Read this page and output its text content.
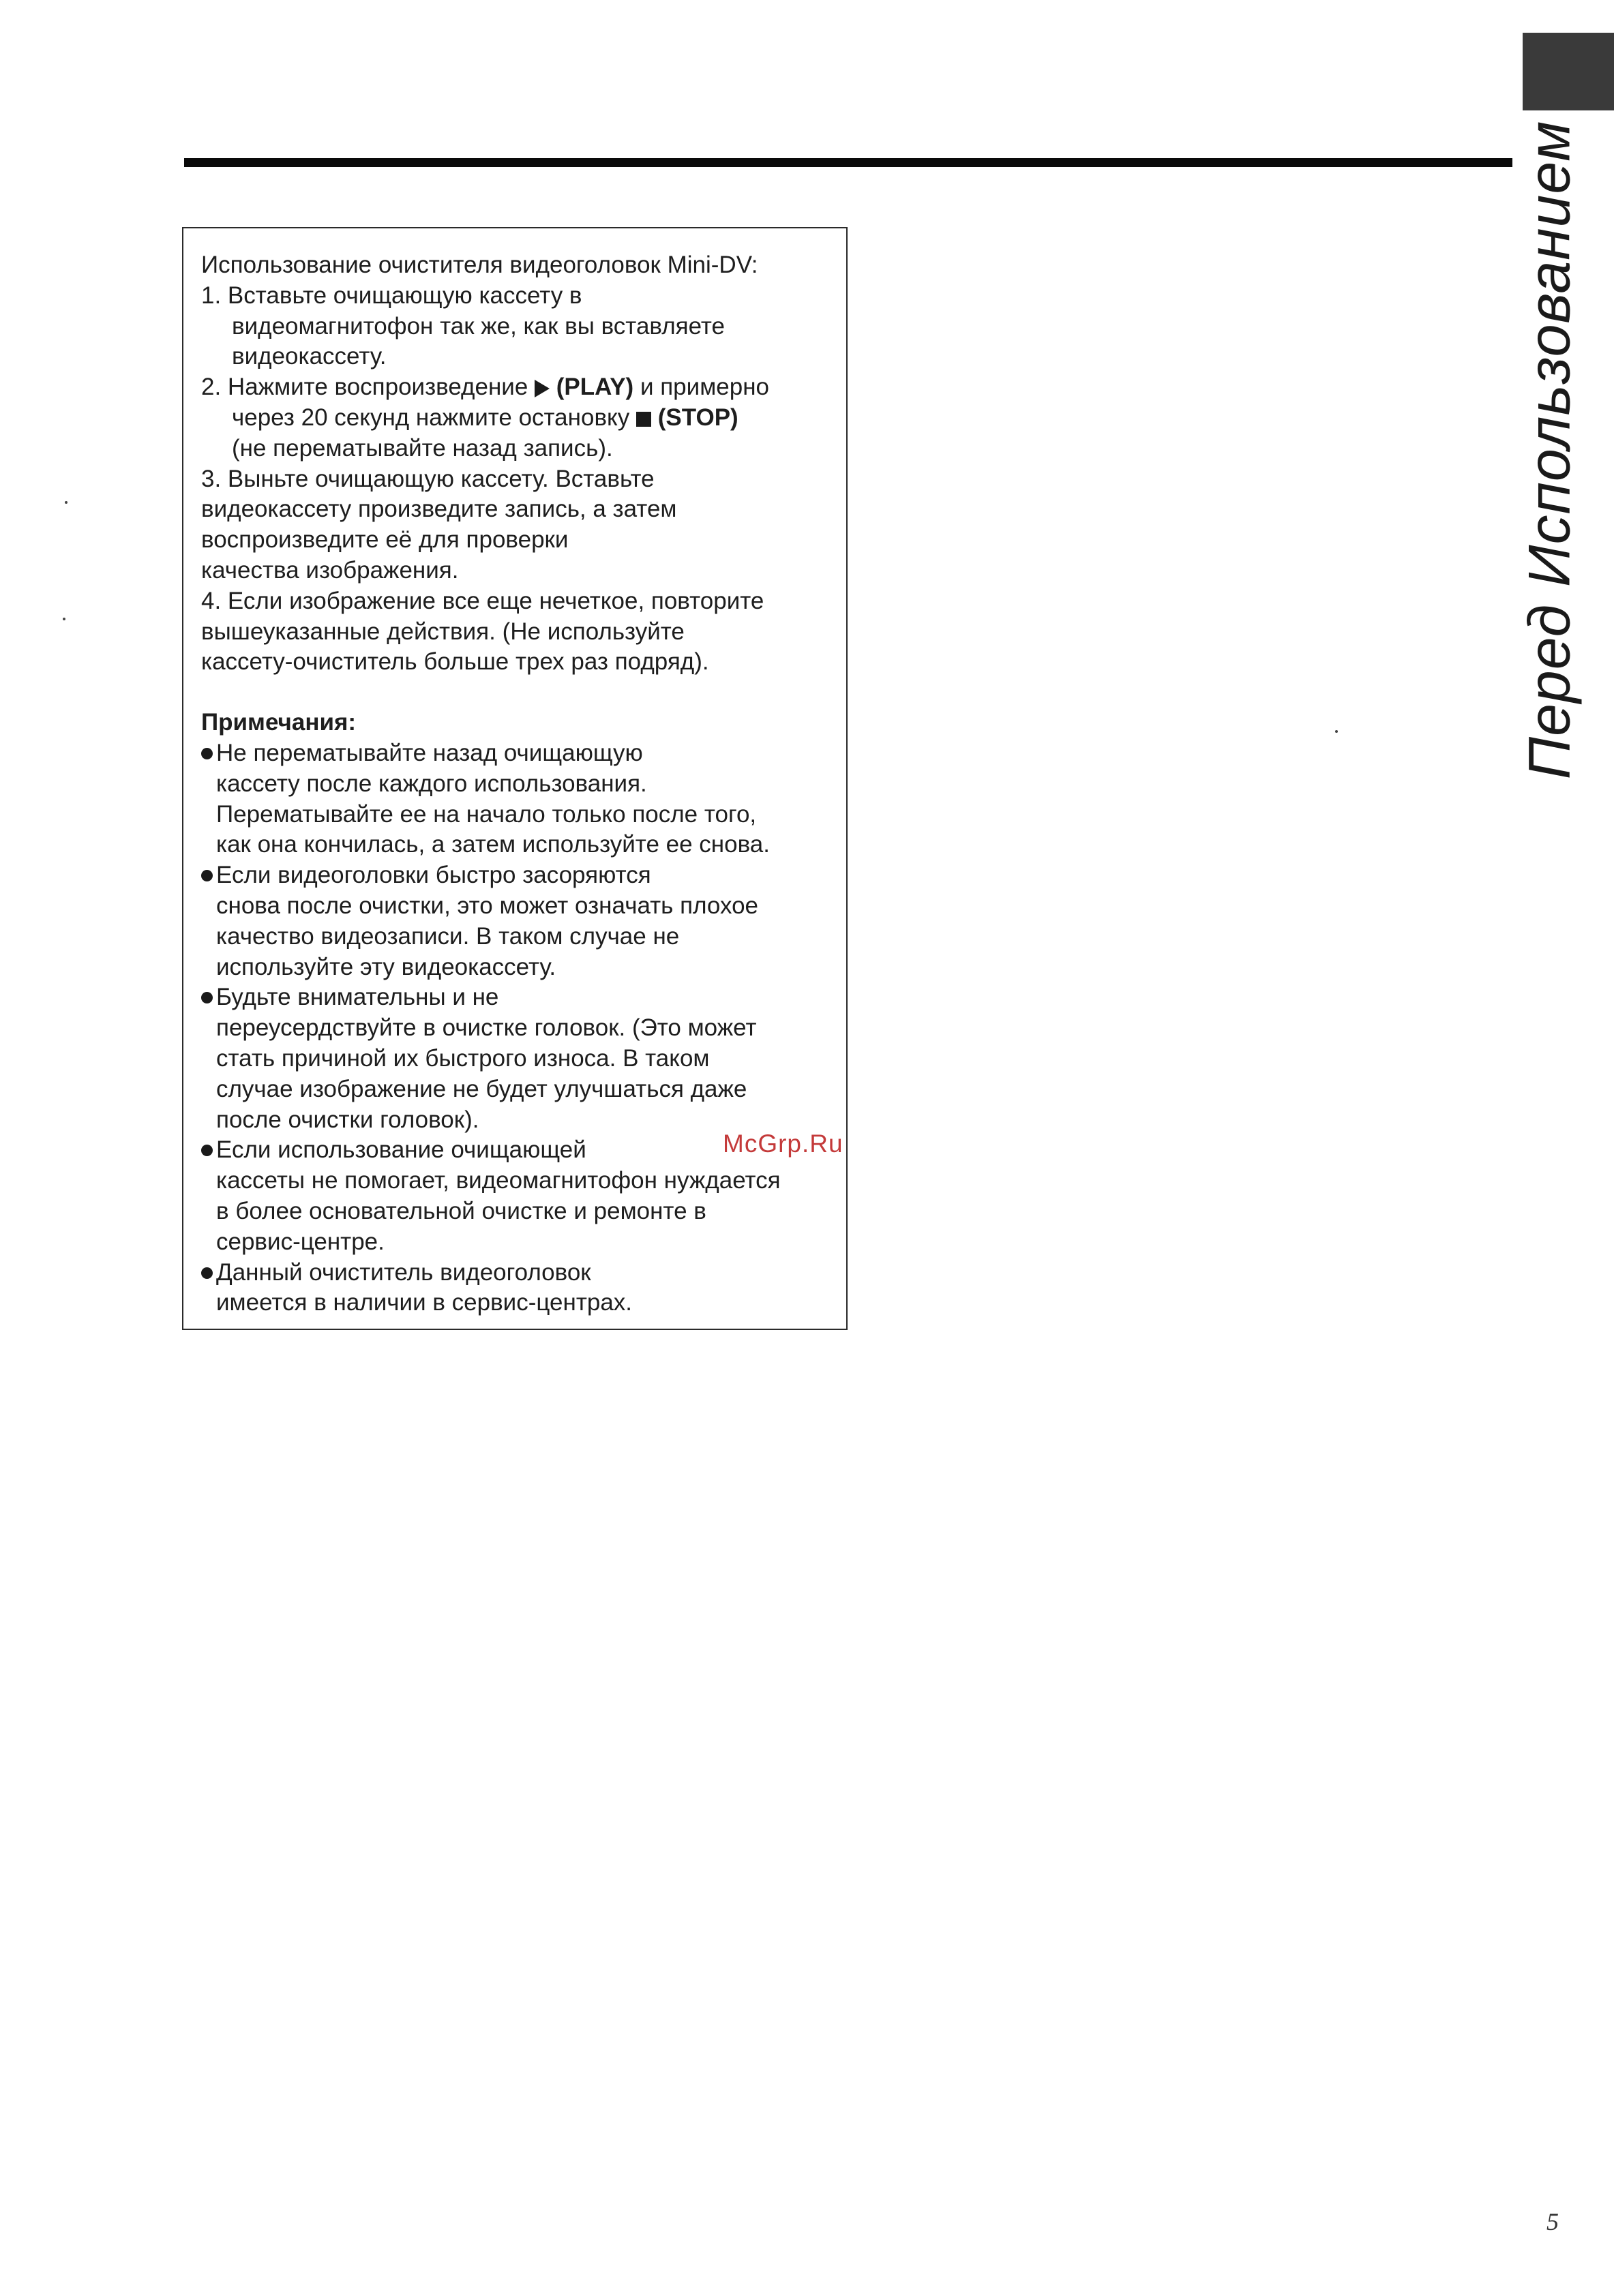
Перед Использованием
Использование очистителя видеоголовок Mini-DV:
1. Вставьте очищающую кассету в
видеомагнитофон так же, как вы вставляете
видеокассету.
2. Нажмите воспроизведение (PLAY) и примерно
через 20 секунд нажмите остановку (STOP)
(не перематывайте назад запись).
3. Выньте очищающую кассету. Вставьте
видеокассету произведите запись, а затем
воспроизведите её для проверки
качества изображения.
4. Если изображение все еще нечеткое, повторите
вышеуказанные действия. (Не используйте
кассету-очиститель больше трех раз подряд).
Примечания:
Не перематывайте назад очищающую
кассету после каждого использования.
Перематывайте ее на начало только после того,
как она кончилась, а затем используйте ее снова.
Если видеоголовки быстро засоряются
снова после очистки, это может означать плохое
качество видеозаписи. В таком случае не
используйте эту видеокассету.
Будьте внимательны и не
переусердствуйте в очистке головок. (Это может
стать причиной их быстрого износа. В таком
случае изображение не будет улучшаться даже
после очистки головок).
Если использование очищающей
кассеты не помогает, видеомагнитофон нуждается
в более основательной очистке и ремонте в
сервис-центре.
Данный очиститель видеоголовок
имеется в наличии в сервис-центрах.
McGrp.Ru
5
